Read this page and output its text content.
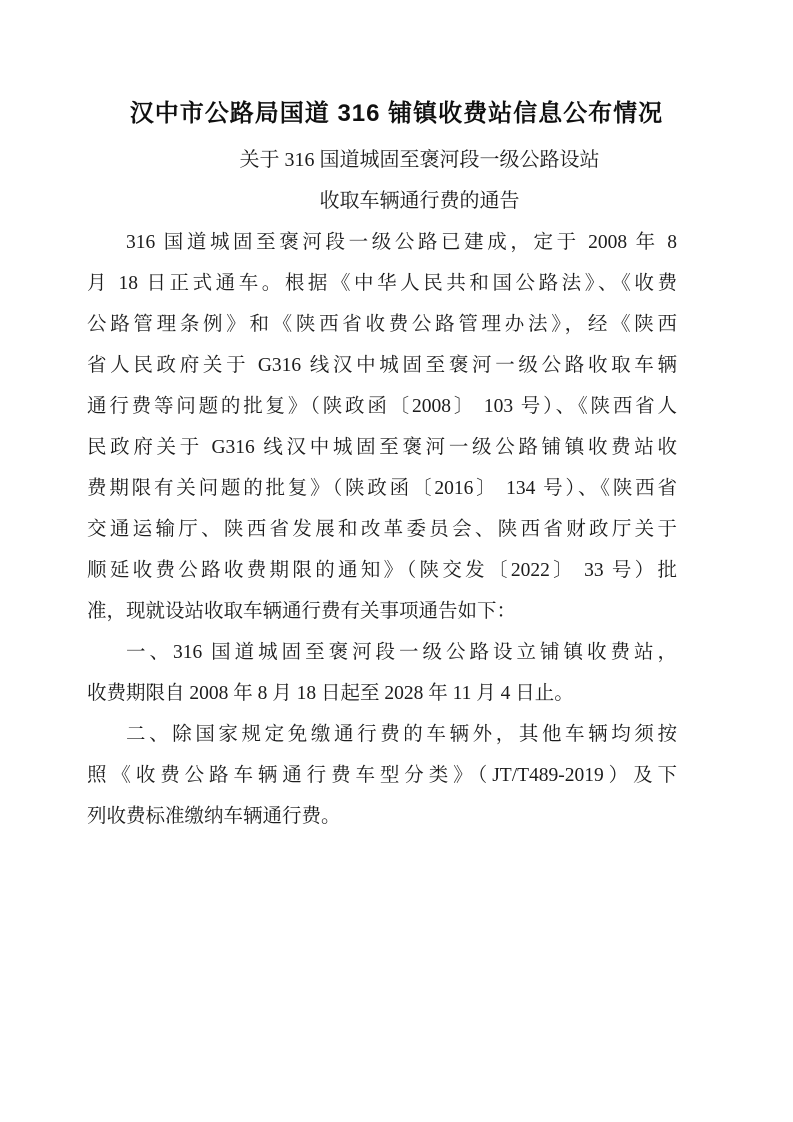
汉中市公路局国道 316 铺镇收费站信息公布情况
关于 316 国道城固至褒河段一级公路设站
收取车辆通行费的通告
316 国道城固至褒河段一级公路已建成，定于 2008 年 8
月 18 日正式通车。根据《中华人民共和国公路法》、《收费
公路管理条例》和《陕西省收费公路管理办法》，经《陕西
省人民政府关于 G316 线汉中城固至褒河一级公路收取车辆
通行费等问题的批复》（陕政函〔2008〕 103 号）、《陕西省人
民政府关于 G316 线汉中城固至褒河一级公路铺镇收费站收
费期限有关问题的批复》（陕政函〔2016〕 134 号）、《陕西省
交通运输厅、陕西省发展和改革委员会、陕西省财政厅关于
顺延收费公路收费期限的通知》（陕交发〔2022〕 33 号）批
准，现就设站收取车辆通行费有关事项通告如下：
一、316 国道城固至褒河段一级公路设立铺镇收费站，
收费期限自 2008 年 8 月 18 日起至 2028 年 11 月 4 日止。
二、除国家规定免缴通行费的车辆外，其他车辆均须按
照《收费公路车辆通行费车型分类》（JT/T489-2019）及下
列收费标准缴纳车辆通行费。
